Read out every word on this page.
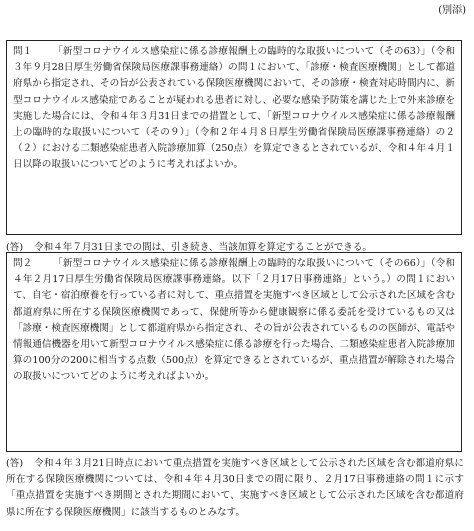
(別添)
問１ 「新型コロナウイルス感染症に係る診療報酬上の臨時的な取扱いについて（その63）」（令和３年９月28日厚生労働省保険局医療課事務連絡）の問１において、「診療・検査医療機関」として都道府県から指定され、その旨が公表されている保険医療機関において、その診療・検査対応時間内に、新型コロナウイルス感染症であることが疑われる患者に対し、必要な感染予防策を講じた上で外来診療を実施した場合には、令和４年３月31日までの措置として、「新型コロナウイルス感染症に係る診療報酬上の臨時的な取扱いについて（その９）」（令和２年４月８日厚生労働省保険局医療課事務連絡）の２（２）における二類感染症患者入院診療加算（250点）を算定できるとされているが、令和４年４月１日以降の取扱いについてどのように考えればよいか。
(答) 令和４年７月31日までの間は、引き続き、当該加算を算定することができる。
問２ 「新型コロナウイルス感染症に係る診療報酬上の臨時的な取扱いについて（その66）」（令和４年２月17日厚生労働省保険局医療課事務連絡。以下「２月17日事務連絡」という。）の問１において、自宅・宿泊療養を行っている者に対して、重点措置を実施すべき区域として公示された区域を含む都道府県に所在する保険医療機関であって、保健所等から健康観察に係る委託を受けているもの又は「診療・検査医療機関」として都道府県から指定され、その旨が公表されているものの医師が、電話や情報通信機器を用いて新型コロナウイルス感染症に係る診療を行った場合、二類感染症患者入院診療加算の100分の200に相当する点数（500点）を算定できるとされているが、重点措置が解除された場合の取扱いについてどのように考えればよいか。
(答) 令和４年３月21日時点において重点措置を実施すべき区域として公示された区域を含む都道府県に所在する保険医療機関については、令和４年４月30日までの間に限り、２月17日事務連絡の問１に示す「重点措置を実施すべき期間とされた期間において、実施すべき区域として公示された区域を含む都道府県に所在する保険医療機関」に該当するものとみなす。
